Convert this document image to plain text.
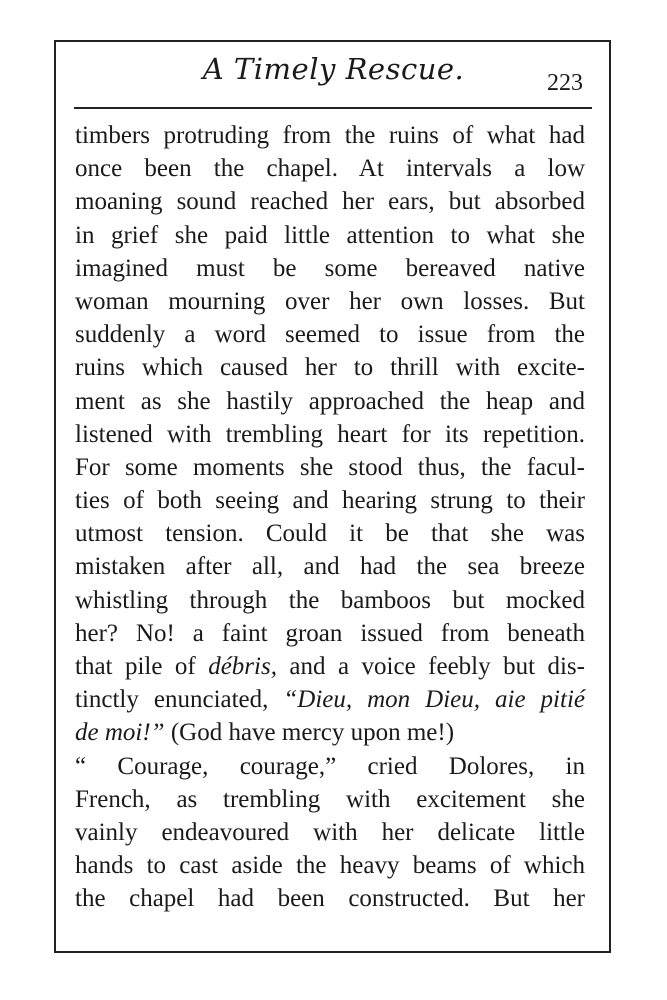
A Timely Rescue.	223
timbers protruding from the ruins of what had
once been the chapel. At intervals a low
moaning sound reached her ears, but absorbed
in grief she paid little attention to what she
imagined must be some bereaved native
woman mourning over her own losses. But
suddenly a word seemed to issue from the
ruins which caused her to thrill with excite-
ment as she hastily approached the heap and
listened with trembling heart for its repetition.
For some moments she stood thus, the facul-
ties of both seeing and hearing strung to their
utmost tension. Could it be that she was
mistaken after all, and had the sea breeze
whistling through the bamboos but mocked
her? No! a faint groan issued from beneath
that pile of débris, and a voice feebly but dis-
tinctly enunciated, “Dieu, mon Dieu, aie pitié
de moi!” (God have mercy upon me!)
“ Courage, courage,” cried Dolores, in
French, as trembling with excitement she
vainly endeavoured with her delicate little
hands to cast aside the heavy beams of which
the chapel had been constructed. But her
